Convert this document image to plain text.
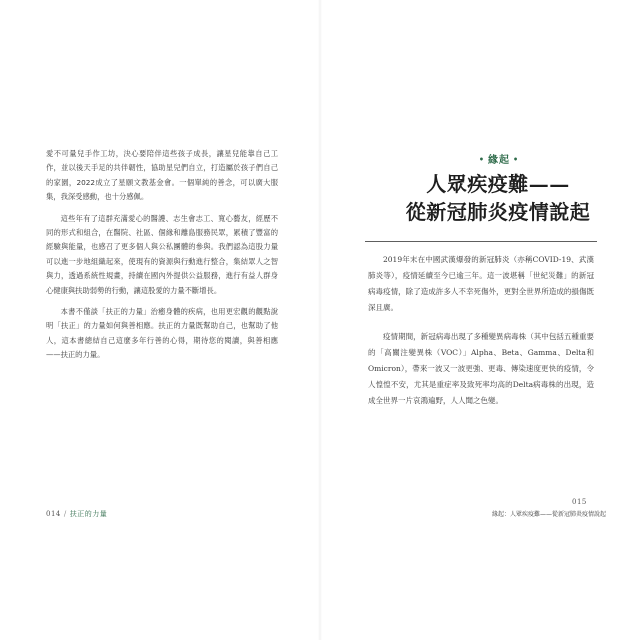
愛不可量兒手作工坊，決心要陪伴這些孩子成長，讓星兒能靠自己工作，並以後天手足的共伴韌性，協助星兒們自立，打造屬於孩子們自己的家園，2022成立了星願文教基金會。一個單純的善念，可以廣大服集，我深受感動，也十分感佩。

這些年有了這群充滿愛心的醫護、志生會志工、寬心藝友，經歷不同的形式和組合，在醫院、社區、個緣和離島服務民眾，累積了豐富的經驗與能量，也感召了更多個人與公私團體的參與。我們認為這股力量可以進一步地組織起來，使現有的資源與行動進行整合，集結眾人之智與力，透過系統性規畫，持續在國內外提供公益服務，進行有益人群身心健康與扶助弱勢的行動，讓這股愛的力量不斷增長。

本書不僅談「扶正的力量」治癒身體的疾病，也用更宏觀的觀點說明「扶正」的力量如何與善相應。扶正的力量既幫助自己，也幫助了他人，這本書總結自己這麼多年行善的心得，期待您的閱讀，與善相應——扶正的力量。

014 / 扶正的力量
• 緣起 •
人眾疾疫難——
從新冠肺炎疫情說起

2019年末在中國武漢爆發的新冠肺炎（亦稱COVID-19、武漢肺炎等），疫情延續至今已逾三年。這一波堪稱「世紀災難」的新冠病毒疫情，除了造成許多人不幸死傷外，更對全世界所造成的損傷既深且廣。

疫情期間，新冠病毒出現了多種變異病毒株（其中包括五種重要的「高關注變異株（VOC）」Alpha、Beta、Gamma、Delta和Omicron），帶來一波又一波更強、更毒、傳染速度更快的疫情，令人惶惶不安，尤其是重症率及致死率均高的Delta病毒株的出現，造成全世界一片哀鴻遍野，人人聞之色變。

015
緣起：人眾疾疫難——從新冠肺炎疫情說起
